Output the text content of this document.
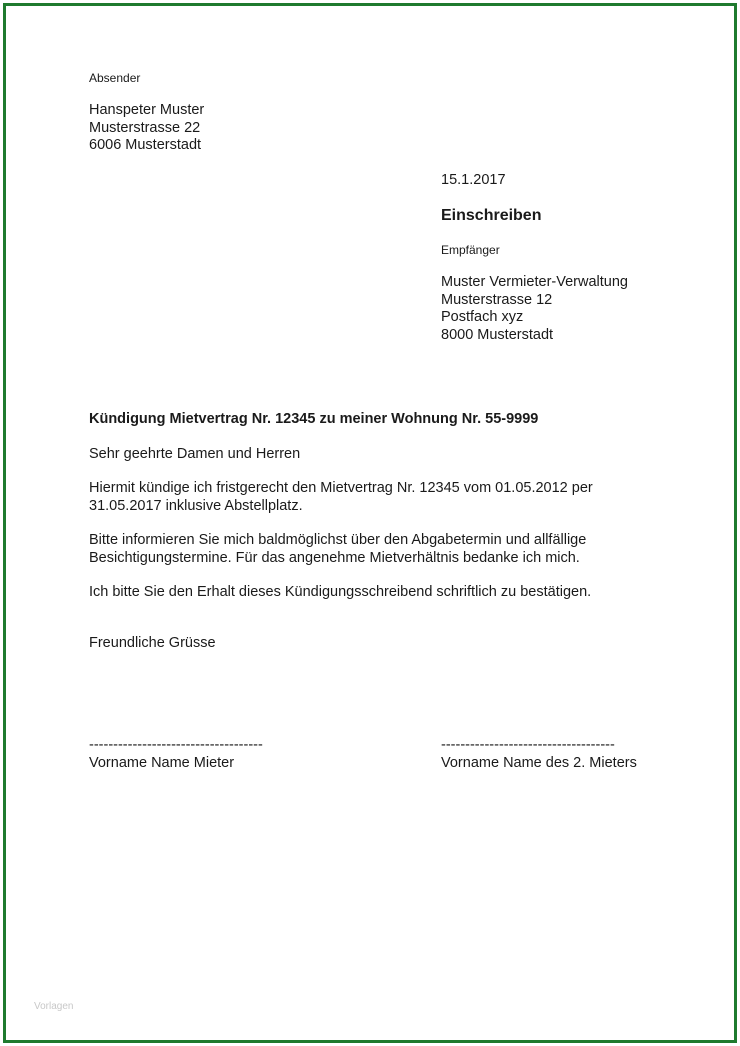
Absender
Hanspeter Muster
Musterstrasse 22
6006 Musterstadt
15.1.2017
Einschreiben
Empfänger
Muster Vermieter-Verwaltung
Musterstrasse 12
Postfach xyz
8000 Musterstadt
Kündigung Mietvertrag Nr. 12345 zu meiner Wohnung Nr. 55-9999
Sehr geehrte Damen und Herren
Hiermit kündige ich fristgerecht den Mietvertrag Nr. 12345 vom 01.05.2012 per
31.05.2017 inklusive Abstellplatz.
Bitte informieren Sie mich baldmöglichst über den Abgabetermin und allfällige
Besichtigungstermine. Für das angenehme Mietverhältnis bedanke ich mich.
Ich bitte Sie den Erhalt dieses Kündigungsschreibend schriftlich zu bestätigen.
Freundliche Grüsse
------------------------------------
Vorname Name Mieter
------------------------------------
Vorname Name des 2. Mieters
Vorlagen
